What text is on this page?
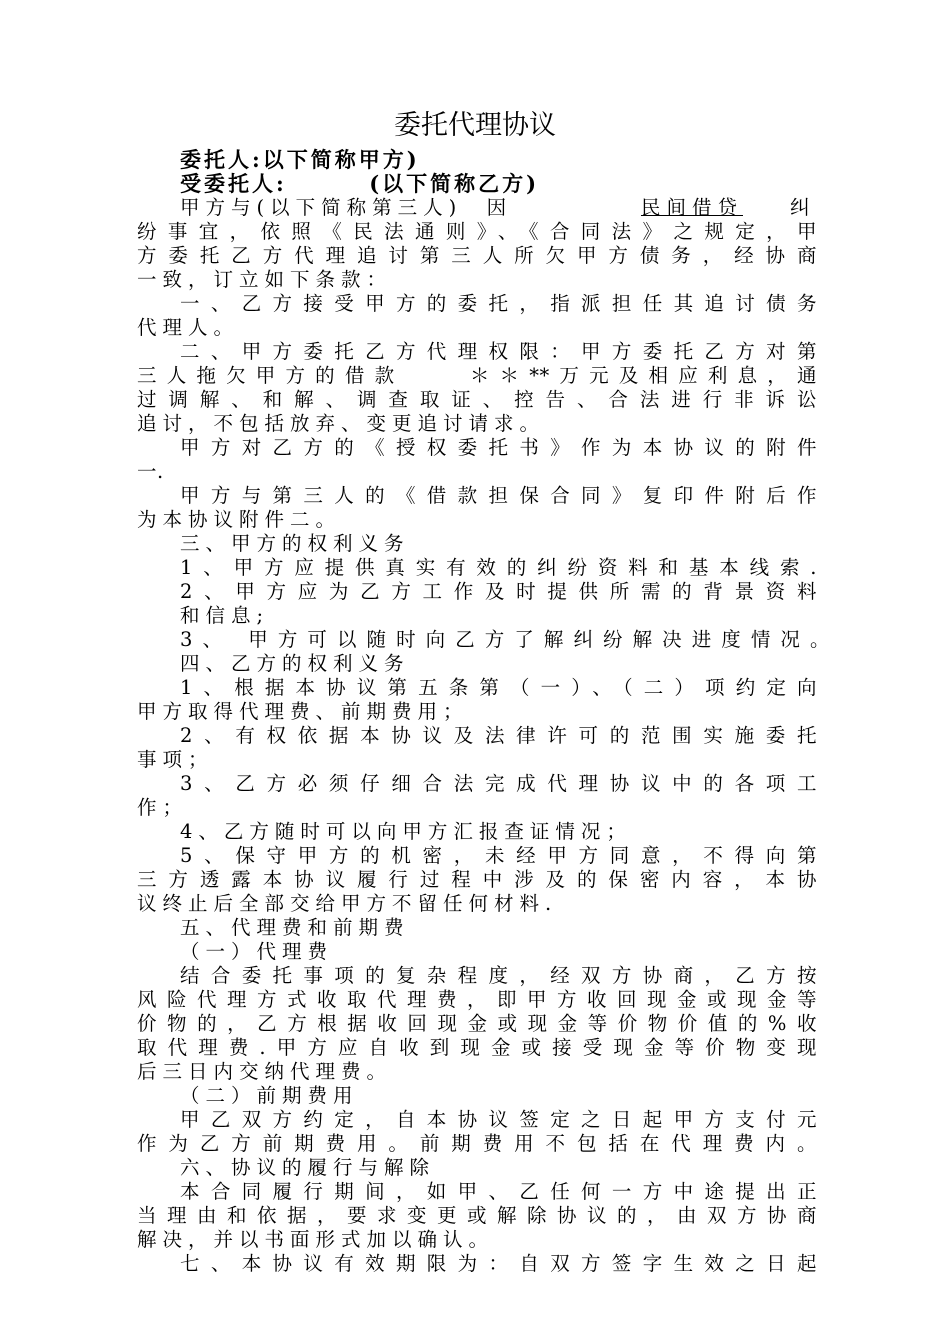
委托代理协议
委托人:以下简称甲方)
受委托人:        (以下简称乙方)
甲方与(以下简称第三人)  因	民间借贷	纠
纷事宜，依照《民法通则》、《合同法》之规定，甲
方委托乙方代理追讨第三人所欠甲方债务，经协商
一致，订立如下条款：
一、乙方接受甲方的委托，指派担任其追讨债务
代理人。
二、甲方委托乙方代理权限：甲方委托乙方对第
三人拖欠甲方的借款    ＊＊**万元及相应利息，通
过调解、和解、调查取证、控告、合法进行非诉讼
追讨，不包括放弃、变更追讨请求。
甲方对乙方的《授权委托书》作为本协议的附件
一.
甲方与第三人的《借款担保合同》复印件附后作
为本协议附件二。
三、甲方的权利义务
1、甲方应提供真实有效的纠纷资料和基本线索.
2、甲方应为乙方工作及时提供所需的背景资料
和信息;
3、 甲方可以随时向乙方了解纠纷解决进度情况。
四、乙方的权利义务
1、根据本协议第五条第（一）、（二）项约定向
甲方取得代理费、前期费用；
2、有权依据本协议及法律许可的范围实施委托
事项；
3、乙方必须仔细合法完成代理协议中的各项工
作；
4、乙方随时可以向甲方汇报查证情况；
5、保守甲方的机密，未经甲方同意，不得向第
三方透露本协议履行过程中涉及的保密内容，本协
议终止后全部交给甲方不留任何材料.
五、代理费和前期费
（一）代理费
结合委托事项的复杂程度，经双方协商，乙方按
风险代理方式收取代理费，即甲方收回现金或现金等
价物的，乙方根据收回现金或现金等价物价值的%收
取代理费.甲方应自收到现金或接受现金等价物变现
后三日内交纳代理费。
（二）前期费用
甲乙双方约定，自本协议签定之日起甲方支付元
作为乙方前期费用。前期费用不包括在代理费内。
六、协议的履行与解除
本合同履行期间，如甲、乙任何一方中途提出正
当理由和依据，要求变更或解除协议的，由双方协商
解决，并以书面形式加以确认。
七、本协议有效期限为：自双方签字生效之日起
